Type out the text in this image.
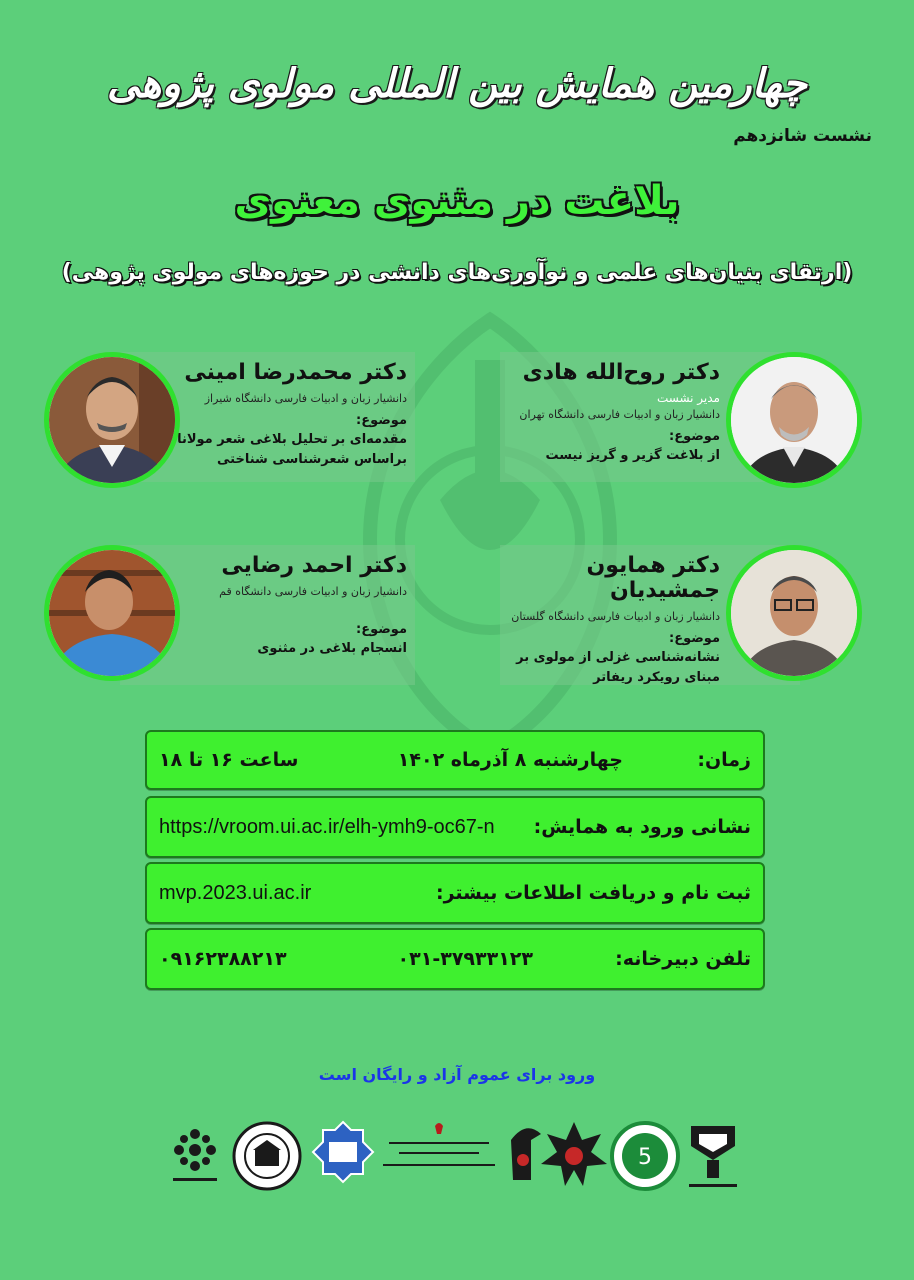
چهارمین همایش بین المللی مولوی پژوهی
نشست شانزدهم
بلاغت در مثنوی معنوی
(ارتقای بنیان‌های علمی و نوآوری‌های دانشی در حوزه‌های مولوی پژوهی)
دکتر روح‌الله هادی
مدیر نشست
دانشیار زبان و ادبیات فارسی دانشگاه تهران
موضوع:
از بلاغت گزیر و گریز نیست
دکتر محمدرضا امینی
دانشیار زبان و ادبیات فارسی دانشگاه شیراز
موضوع:
مقدمه‌ای بر تحلیل بلاغی شعر مولانا براساس شعرشناسی شناختی
دکتر همایون جمشیدیان
دانشیار زبان و ادبیات فارسی دانشگاه گلستان
موضوع:
نشانه‌شناسی غزلی از مولوی بر مبنای رویکرد ریفاتر
دکتر احمد رضایی
دانشیار زبان و ادبیات فارسی دانشگاه قم
موضوع:
انسجام بلاغی در مثنوی
زمان:
چهارشنبه ۸ آذرماه ۱۴۰۲
ساعت ۱۶ تا ۱۸
نشانی ورود به همایش:
https://vroom.ui.ac.ir/elh-ymh9-oc67-n
ثبت نام و دریافت اطلاعات بیشتر:
mvp.2023.ui.ac.ir
تلفن دبیرخانه:
۰۳۱-۳۷۹۳۳۱۲۳
۰۹۱۶۲۳۸۸۲۱۳
ورود برای عموم آزاد و رایگان است
5
